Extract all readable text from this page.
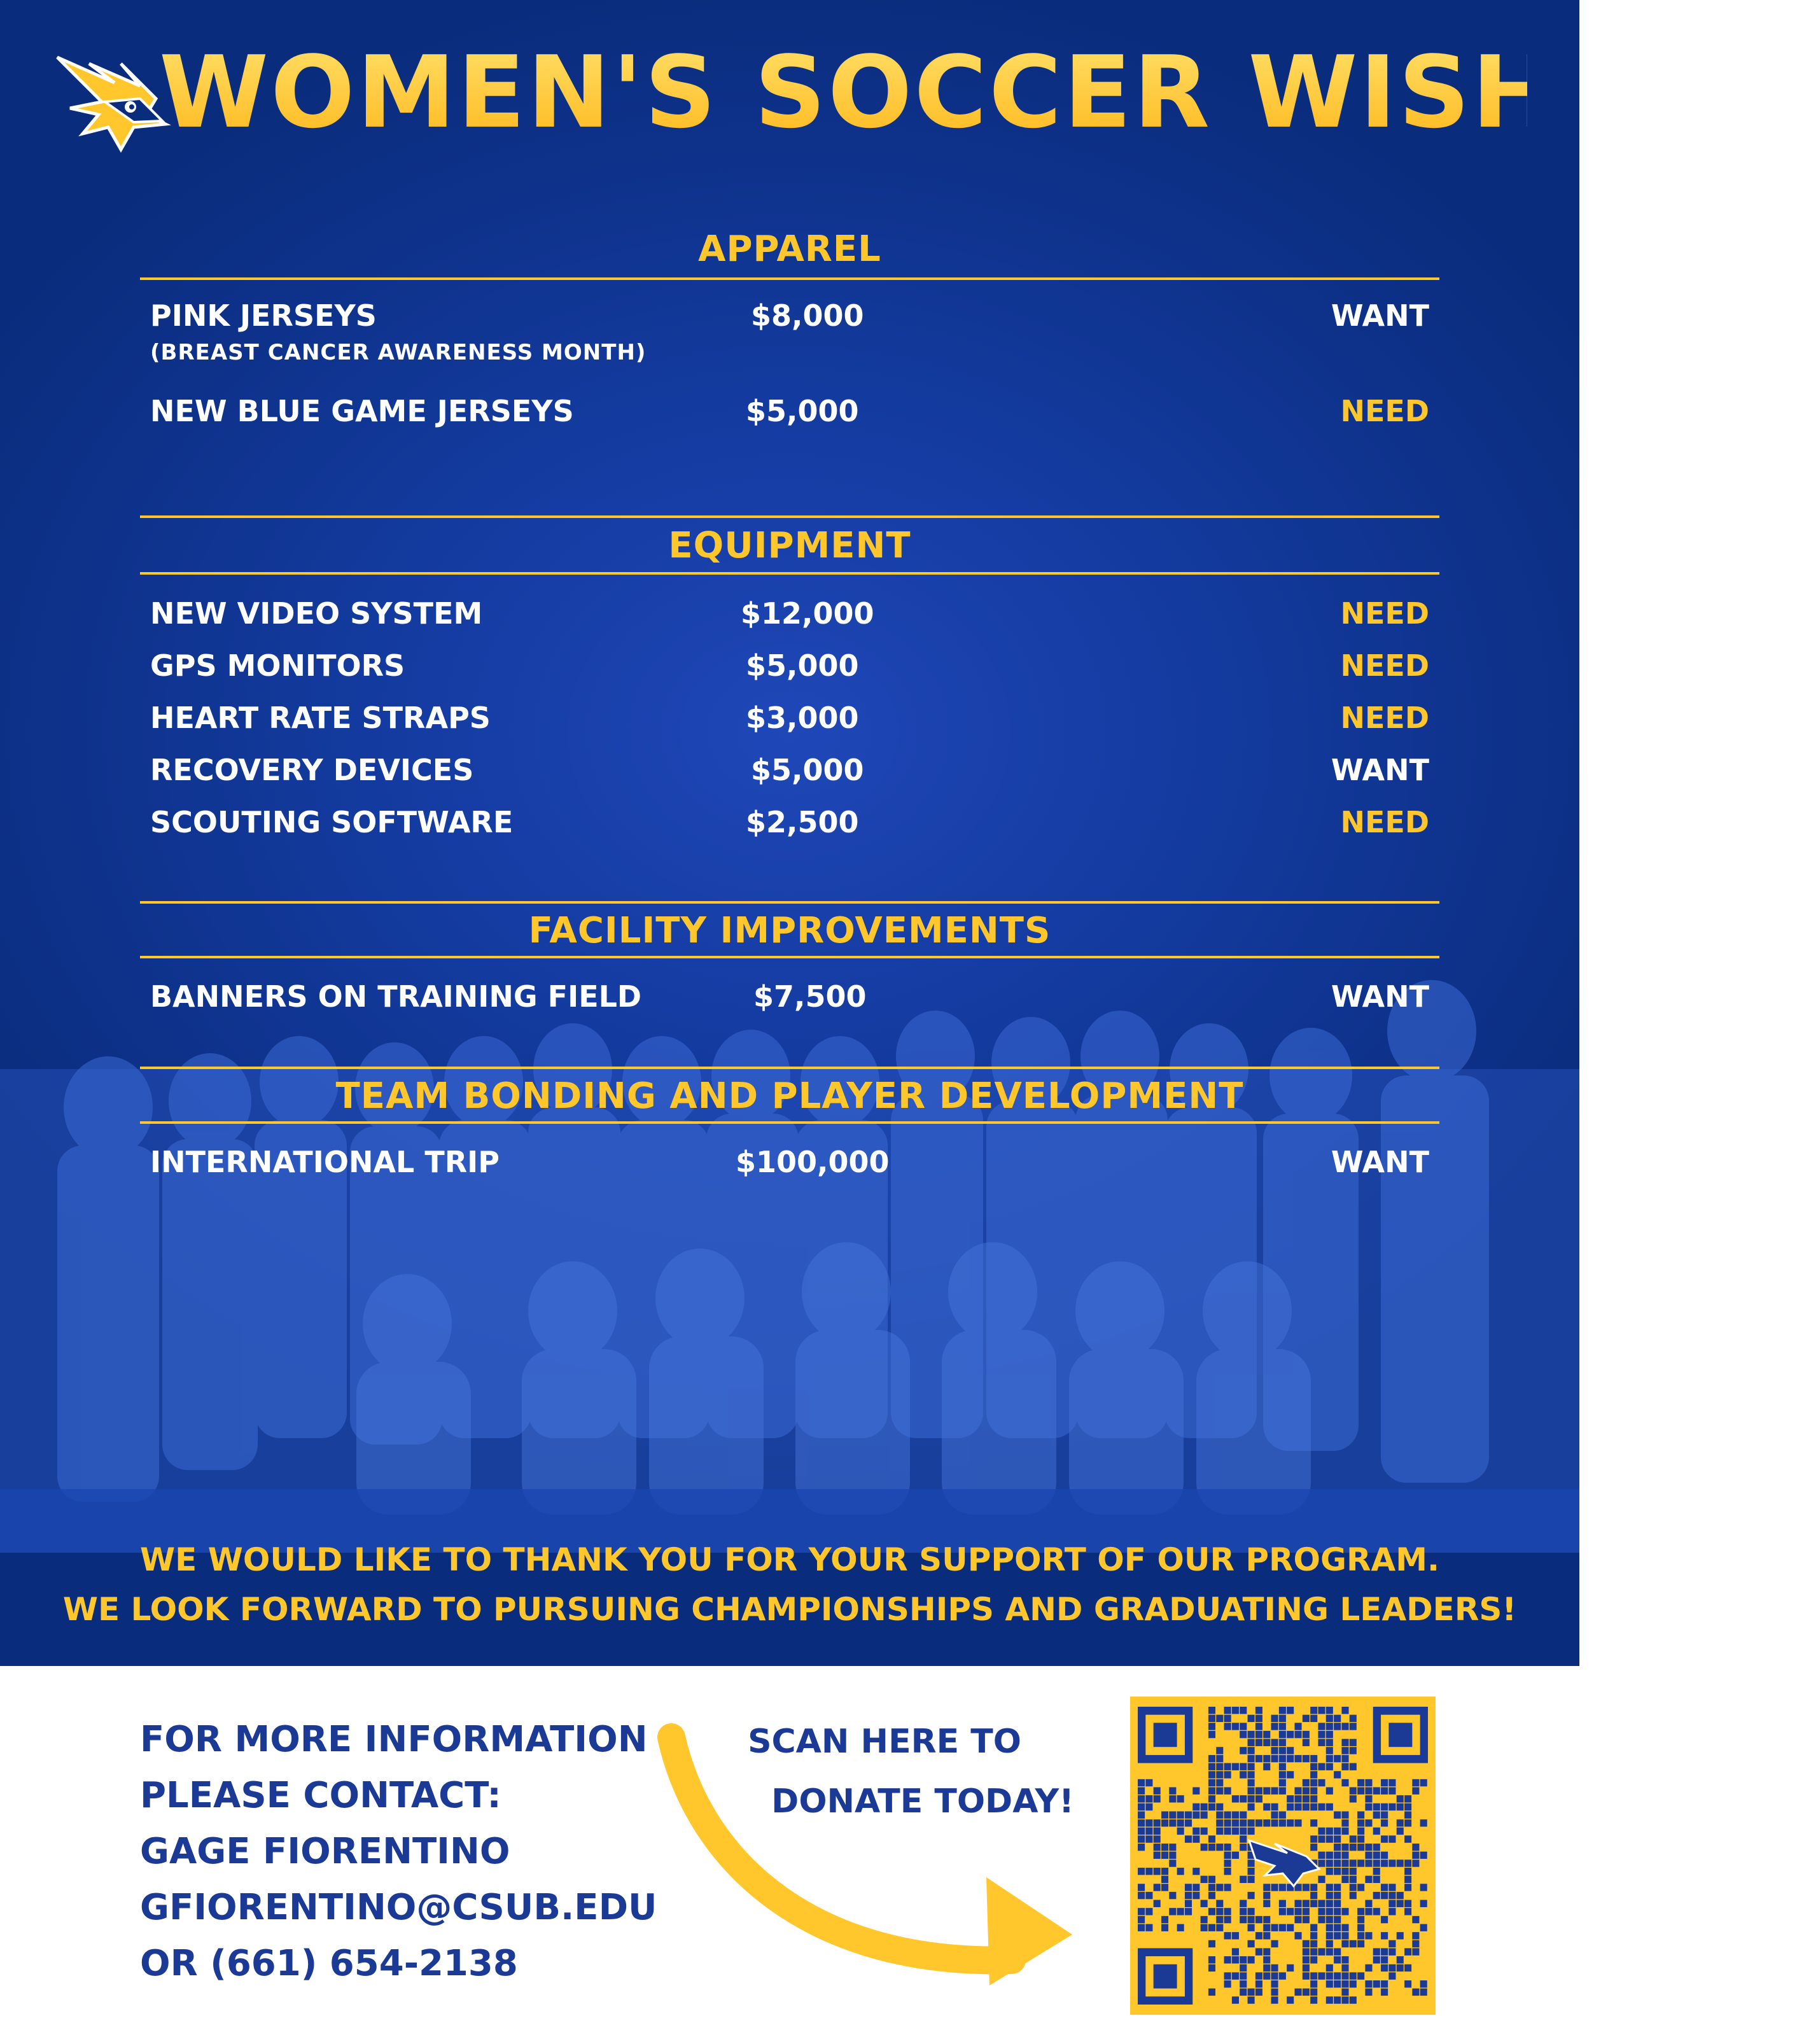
WOMEN'S SOCCER WISHLIST
APPAREL
PINK JERSEYS	$8,000	WANT
(BREAST CANCER AWARENESS MONTH)
NEW BLUE GAME JERSEYS	$5,000	NEED
EQUIPMENT
NEW VIDEO SYSTEM	$12,000	NEED
GPS MONITORS	$5,000	NEED
HEART RATE STRAPS	$3,000	NEED
RECOVERY DEVICES	$5,000	WANT
SCOUTING SOFTWARE	$2,500	NEED
FACILITY IMPROVEMENTS
BANNERS ON TRAINING FIELD	$7,500	WANT
TEAM BONDING AND PLAYER DEVELOPMENT
INTERNATIONAL TRIP	$100,000	WANT
WE WOULD LIKE TO THANK YOU FOR YOUR SUPPORT OF OUR PROGRAM.
WE LOOK FORWARD TO PURSUING CHAMPIONSHIPS AND GRADUATING LEADERS!
FOR MORE INFORMATION
PLEASE CONTACT:
GAGE FIORENTINO
GFIORENTINO@CSUB.EDU
OR (661) 654-2138
SCAN HERE TO
DONATE TODAY!
